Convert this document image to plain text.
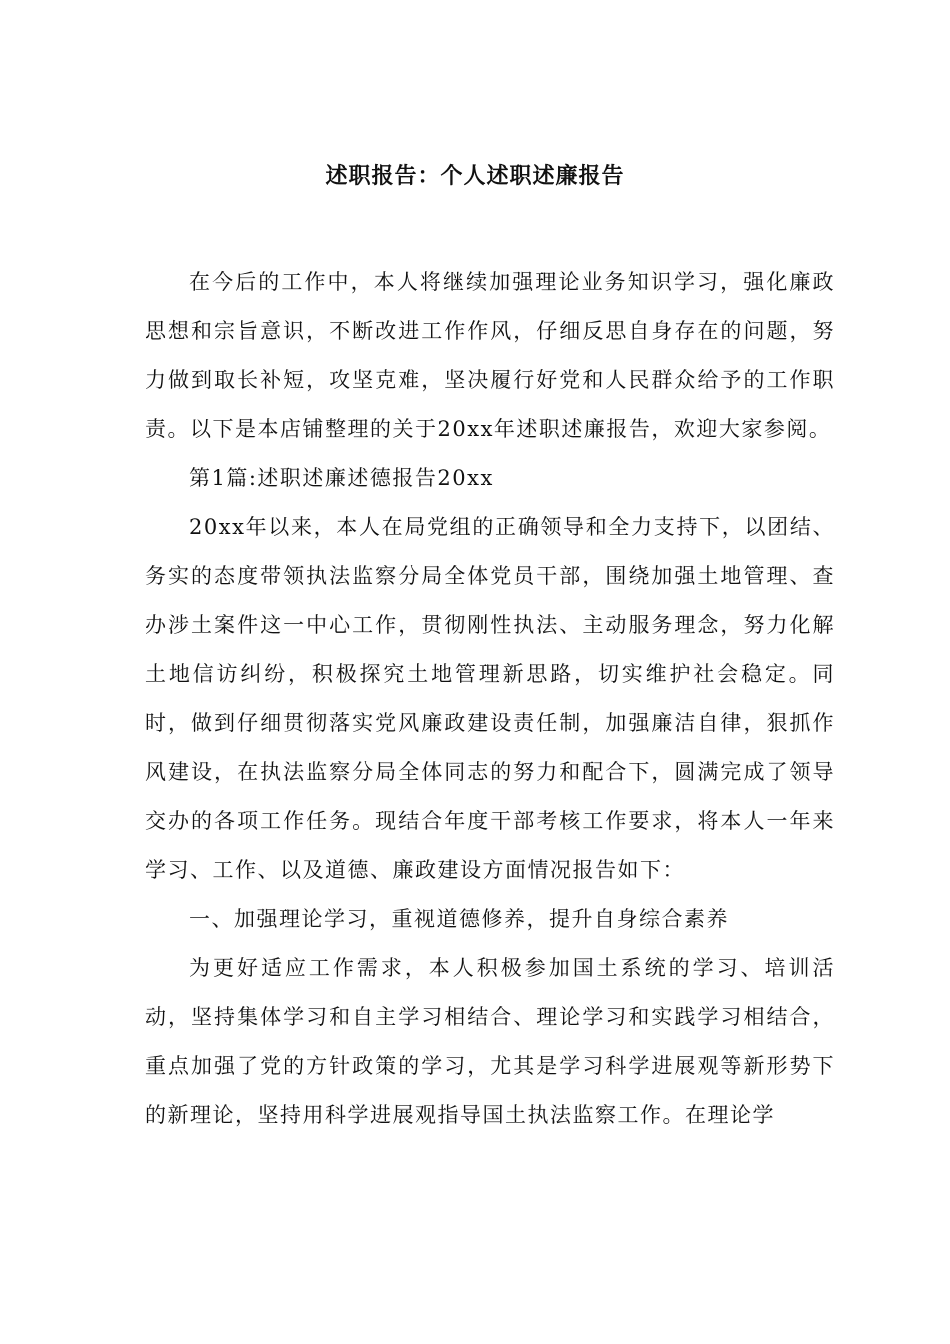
述职报告：个人述职述廉报告

在今后的工作中，本人将继续加强理论业务知识学习，强化廉政思想和宗旨意识，不断改进工作作风，仔细反思自身存在的问题，努力做到取长补短，攻坚克难，坚决履行好党和人民群众给予的工作职责。以下是本店铺整理的关于20xx年述职述廉报告，欢迎大家参阅。

第1篇:述职述廉述德报告20xx

20xx年以来，本人在局党组的正确领导和全力支持下，以团结、务实的态度带领执法监察分局全体党员干部，围绕加强土地管理、查办涉土案件这一中心工作，贯彻刚性执法、主动服务理念，努力化解土地信访纠纷，积极探究土地管理新思路，切实维护社会稳定。同时，做到仔细贯彻落实党风廉政建设责任制，加强廉洁自律，狠抓作风建设，在执法监察分局全体同志的努力和配合下，圆满完成了领导交办的各项工作任务。现结合年度干部考核工作要求，将本人一年来学习、工作、以及道德、廉政建设方面情况报告如下：

一、加强理论学习，重视道德修养，提升自身综合素养

为更好适应工作需求，本人积极参加国土系统的学习、培训活动，坚持集体学习和自主学习相结合、理论学习和实践学习相结合，重点加强了党的方针政策的学习，尤其是学习科学进展观等新形势下的新理论，坚持用科学进展观指导国土执法监察工作。在理论学
